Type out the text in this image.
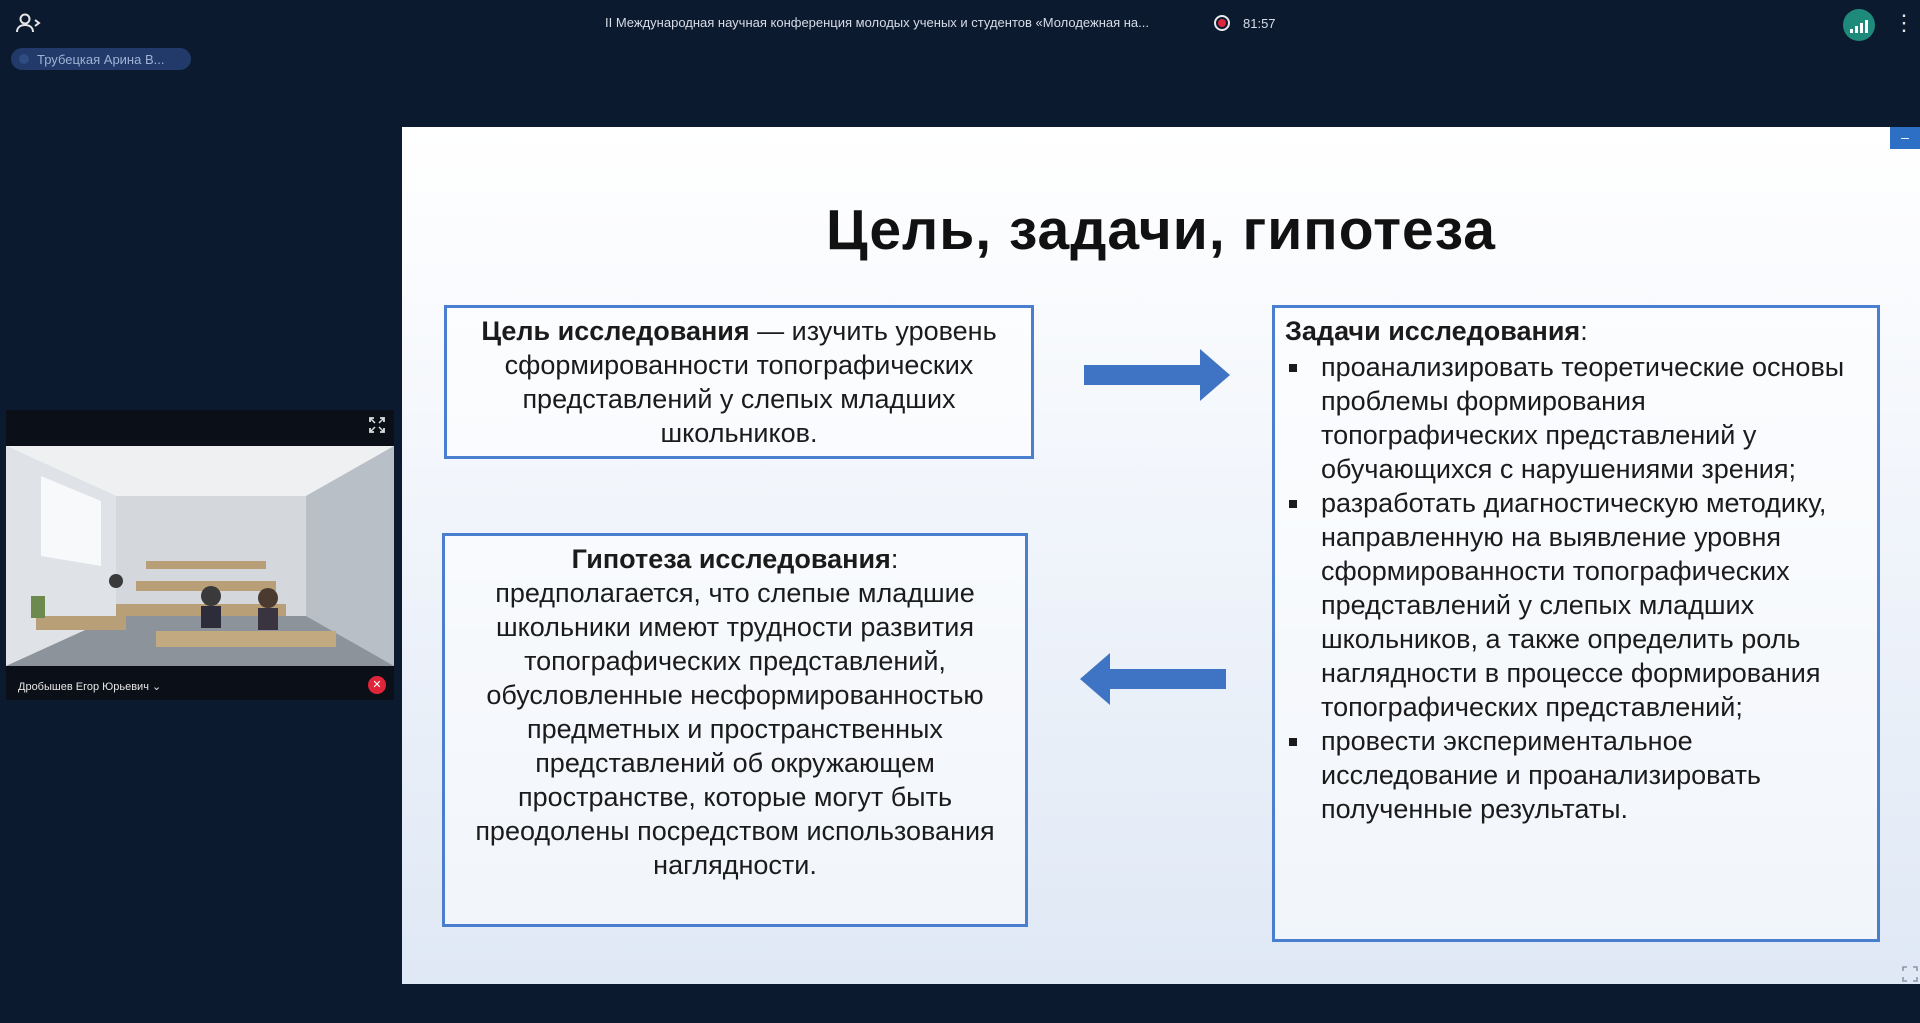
II Международная научная конференция молодых ученых и студентов «Молодежная на...	81:57	⋮
Трубецкая Арина В...
Дробышев Егор Юрьевич ⌄	✕
–
Цель, задачи, гипотеза
Цель исследования — изучить уровень сформированности топографических представлений у слепых младших школьников.
Гипотеза исследования:
предполагается, что слепые младшие школьники имеют трудности развития топографических представлений, обусловленные несформированностью предметных и пространственных представлений об окружающем пространстве, которые могут быть преодолены посредством использования наглядности.
Задачи исследования:
проанализировать теоретические основы проблемы формирования топографических представлений у обучающихся с нарушениями зрения;
разработать диагностическую методику, направленную на выявление уровня сформированности топографических представлений у слепых младших школьников, а также определить роль наглядности в процессе формирования топографических представлений;
провести экспериментальное исследование и проанализировать полученные результаты.
